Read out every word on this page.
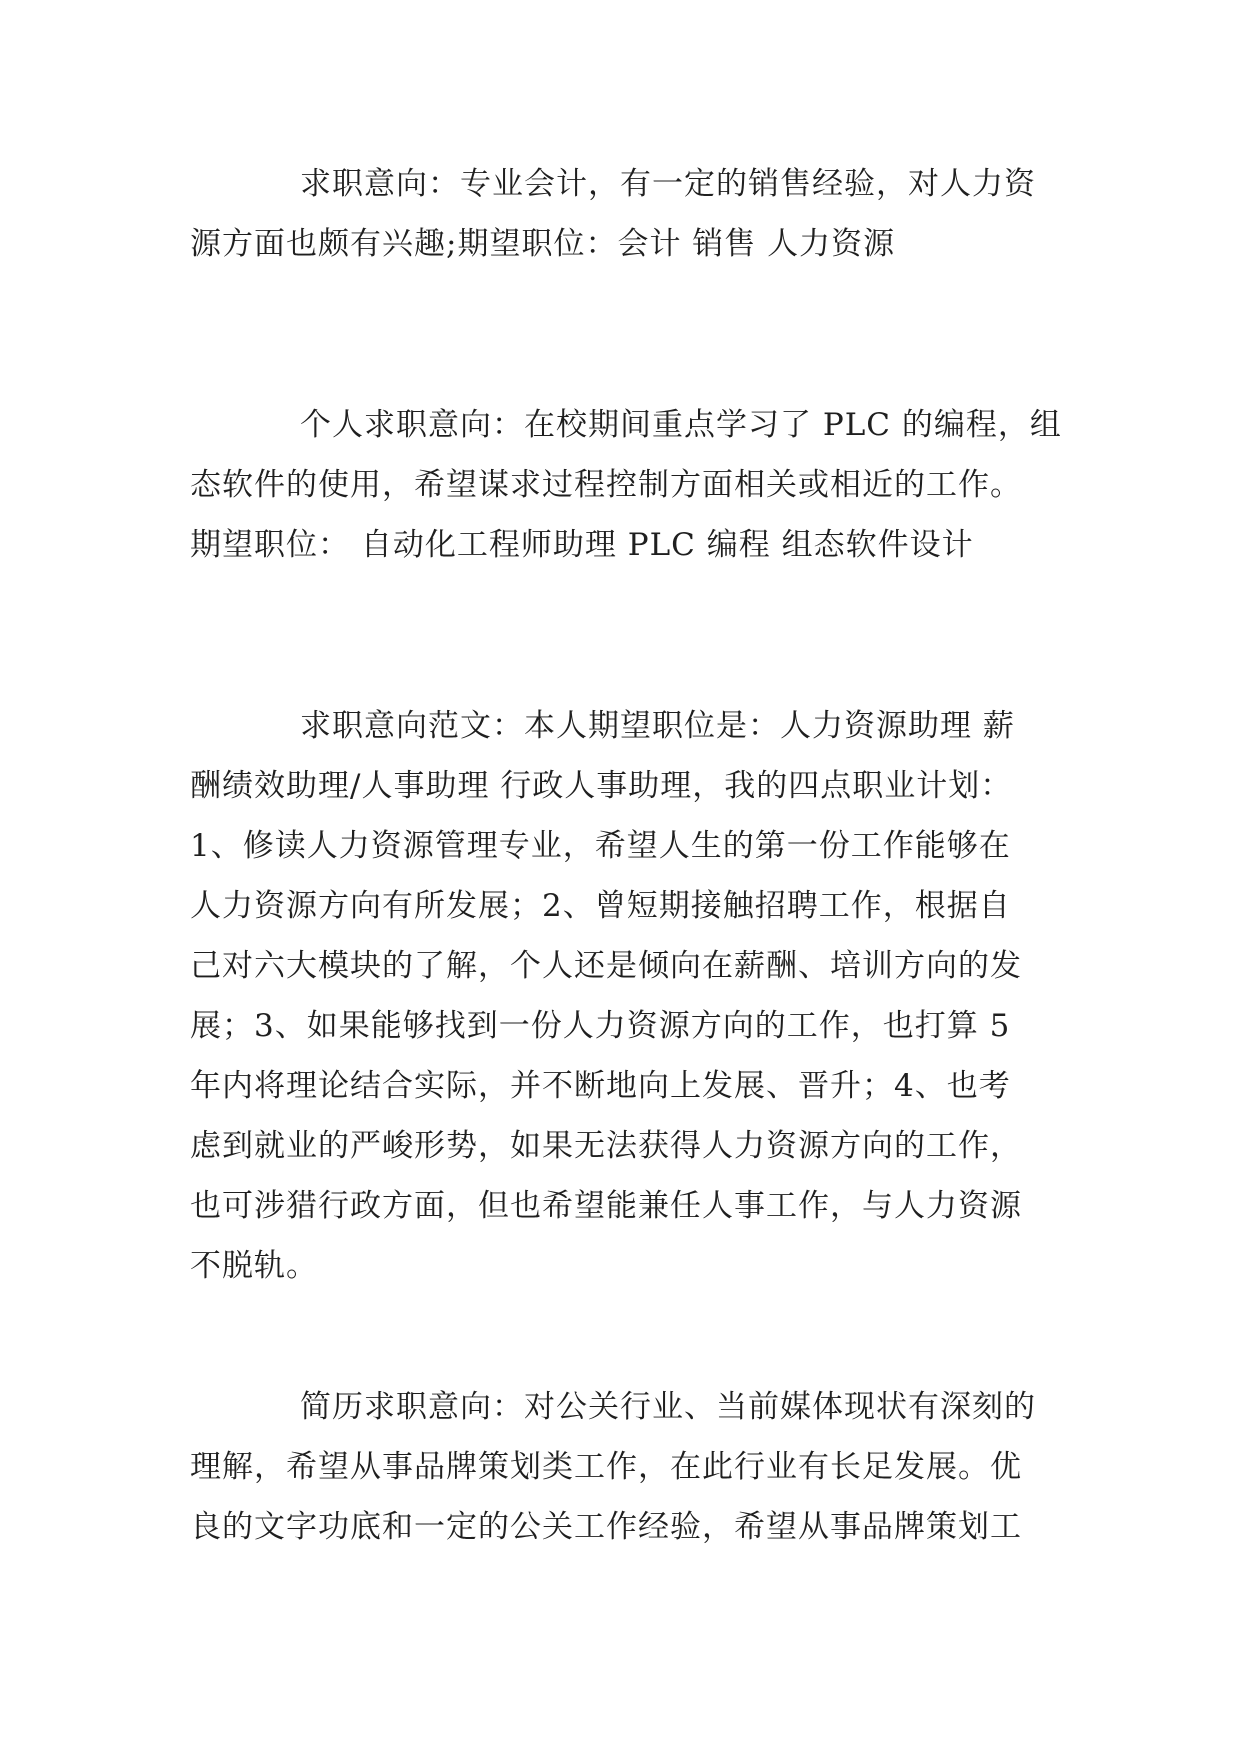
求职意向：专业会计，有一定的销售经验，对人力资
源方面也颇有兴趣;期望职位：会计 销售 人力资源

个人求职意向：在校期间重点学习了 PLC 的编程，组
态软件的使用，希望谋求过程控制方面相关或相近的工作。
期望职位： 自动化工程师助理 PLC 编程 组态软件设计

求职意向范文：本人期望职位是：人力资源助理 薪
酬绩效助理/人事助理 行政人事助理，我的四点职业计划：
1、修读人力资源管理专业，希望人生的第一份工作能够在
人力资源方向有所发展；2、曾短期接触招聘工作，根据自
己对六大模块的了解，个人还是倾向在薪酬、培训方向的发
展；3、如果能够找到一份人力资源方向的工作，也打算 5
年内将理论结合实际，并不断地向上发展、晋升；4、也考
虑到就业的严峻形势，如果无法获得人力资源方向的工作，
也可涉猎行政方面，但也希望能兼任人事工作，与人力资源
不脱轨。

简历求职意向：对公关行业、当前媒体现状有深刻的
理解，希望从事品牌策划类工作，在此行业有长足发展。优
良的文字功底和一定的公关工作经验，希望从事品牌策划工
